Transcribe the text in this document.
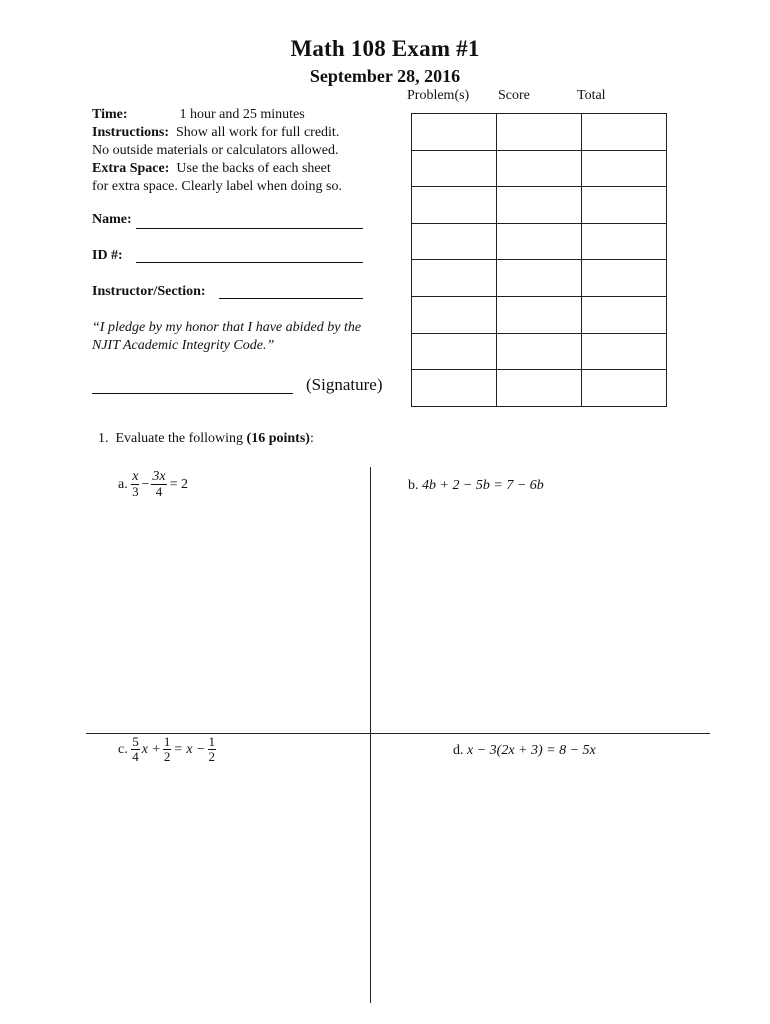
Math 108 Exam #1
September 28, 2016
Problem(s) Score	Total

Time:	1 hour and 25 minutes
Instructions: Show all work for full credit.
No outside materials or calculators allowed.
Extra Space: Use the backs of each sheet
for extra space. Clearly label when doing so.
Name:
ID #:
Instructor/Section:
“I pledge by my honor that I have abided by the
NJIT Academic Integrity Code.”
(Signature)
1. Evaluate the following (16 points):
a.
$\frac{x}{3} - \frac{3x}{4} = 2$	b.
4b + 2 − 5b = 7 − 6b
c.
$\frac{5}{4}$ $x + \frac{1}{2} = x - \frac{1}{2}$	d.
x − 3(2x + 3) = 8 − 5x
